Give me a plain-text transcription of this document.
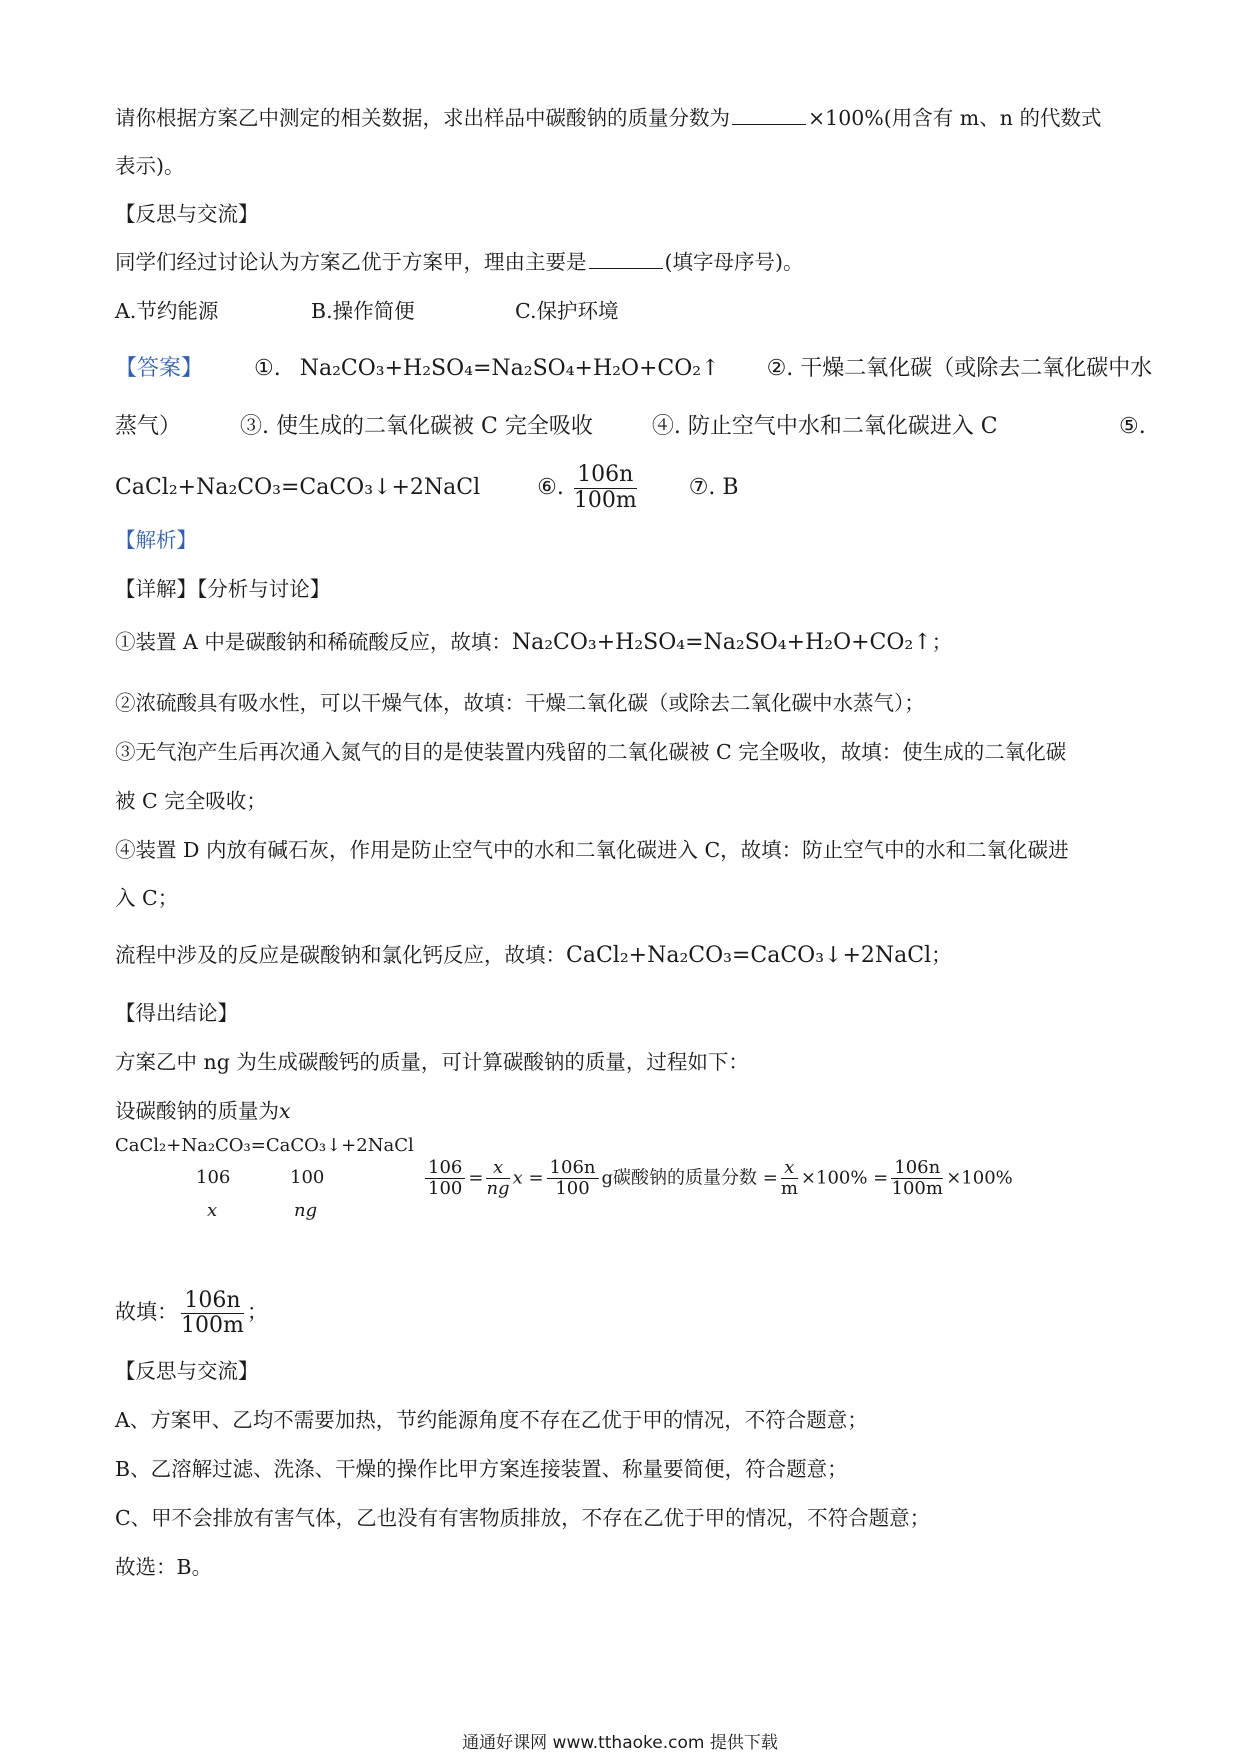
请你根据方案乙中测定的相关数据，求出样品中碳酸钠的质量分数为	×100%(用含有 m、n 的代数式
表示)。
【反思与交流】
同学们经过讨论认为方案乙优于方案甲，理由主要是	(填字母序号)。
A.节约能源	B.操作简便	C.保护环境
【答案】 ①. Na₂CO₃+H₂SO₄=Na₂SO₄+H₂O+CO₂↑ ②. 干燥二氧化碳（或除去二氧化碳中水
蒸气）	③. 使生成的二氧化碳被 C 完全吸收	④. 防止空气中水和二氧化碳进入 C	⑤.
CaCl₂+Na₂CO₃=CaCO₃↓+2NaCl	⑥. $\frac{106n}{100m}$ ⑦. B
【解析】
【详解】【分析与讨论】
①装置 A 中是碳酸钠和稀硫酸反应，故填：Na₂CO₃+H₂SO₄=Na₂SO₄+H₂O+CO₂↑；
②浓硫酸具有吸水性，可以干燥气体，故填：干燥二氧化碳（或除去二氧化碳中水蒸气）；
③无气泡产生后再次通入氮气的目的是使装置内残留的二氧化碳被 C 完全吸收，故填：使生成的二氧化碳
被 C 完全吸收；
④装置 D 内放有碱石灰，作用是防止空气中的水和二氧化碳进入 C，故填：防止空气中的水和二氧化碳进
入 C；
流程中涉及的反应是碳酸钠和氯化钙反应，故填：CaCl₂+Na₂CO₃=CaCO₃↓+2NaCl；
【得出结论】
方案乙中 ng 为生成碳酸钙的质量，可计算碳酸钠的质量，过程如下：
设碳酸钠的质量为x
CaCl₂+Na₂CO₃=CaCO₃↓+2NaCl
106	100
x	ng
$\frac{106}{100} = \frac{x}{ng}$ $x = \frac{106n}{100}$ g碳酸钠的质量分数 = $\frac{x}{m} \times 100\% = \frac{106n}{100m} \times 100\%$
故填： $\frac{106n}{100m}$ ；
【反思与交流】
A、方案甲、乙均不需要加热，节约能源角度不存在乙优于甲的情况，不符合题意；
B、乙溶解过滤、洗涤、干燥的操作比甲方案连接装置、称量要简便，符合题意；
C、甲不会排放有害气体，乙也没有有害物质排放，不存在乙优于甲的情况，不符合题意；
故选：B。
通通好课网 www.tthaoke.com 提供下载
